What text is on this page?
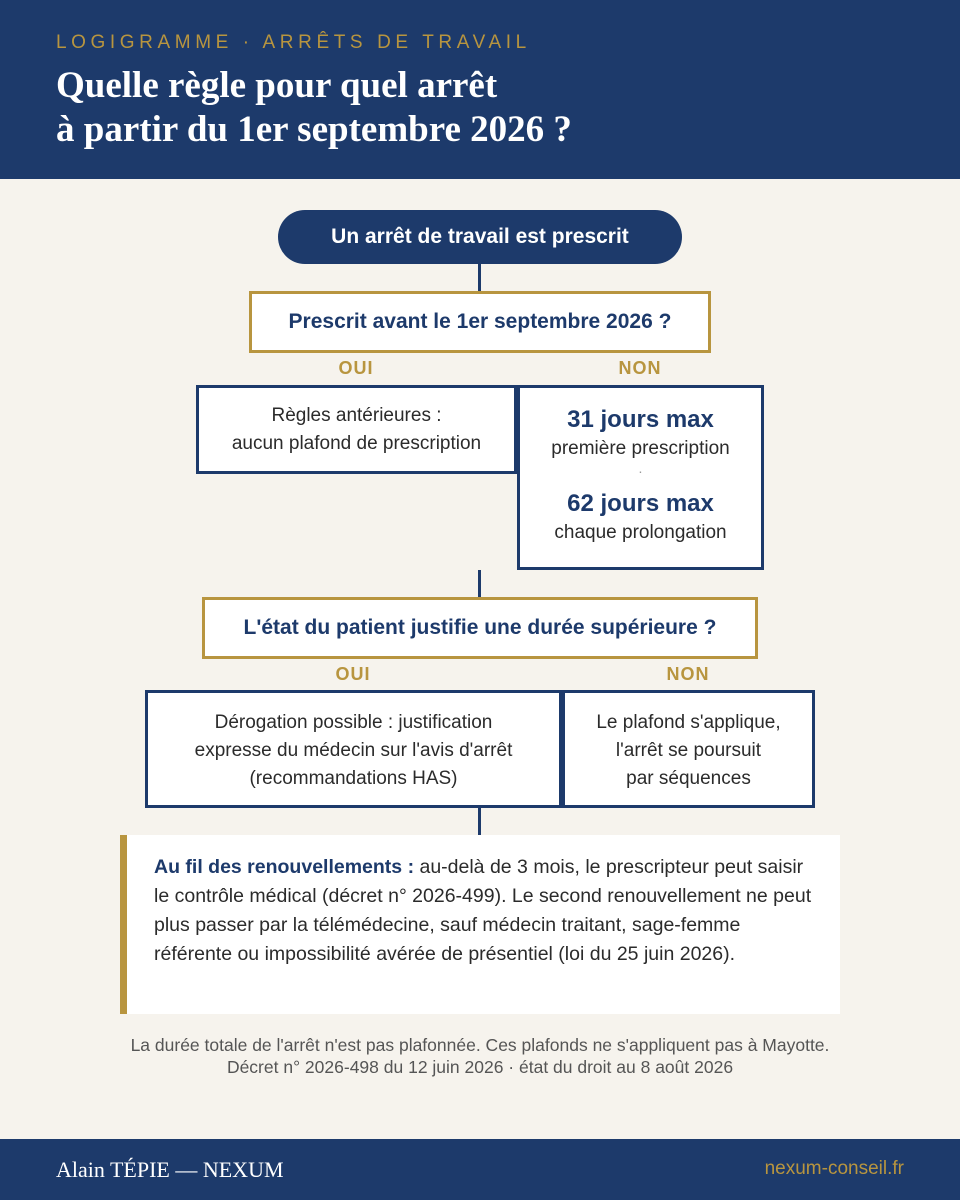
LOGIGRAMME · ARRÊTS DE TRAVAIL
Quelle règle pour quel arrêt
à partir du 1er septembre 2026 ?
Un arrêt de travail est prescrit
Prescrit avant le 1er septembre 2026 ?
OUI	NON
Règles antérieures :
aucun plafond de prescription
31 jours max
première prescription
·
62 jours max
chaque prolongation
L'état du patient justifie une durée supérieure ?
OUI	NON
Dérogation possible : justification
expresse du médecin sur l'avis d'arrêt
(recommandations HAS)
Le plafond s'applique,
l'arrêt se poursuit
par séquences
Au fil des renouvellements : au-delà de 3 mois, le prescripteur peut saisir le contrôle médical (décret n° 2026-499). Le second renouvellement ne peut plus passer par la télémédecine, sauf médecin traitant, sage-femme référente ou impossibilité avérée de présentiel (loi du 25 juin 2026).
La durée totale de l'arrêt n'est pas plafonnée. Ces plafonds ne s'appliquent pas à Mayotte.
Décret n° 2026-498 du 12 juin 2026 · état du droit au 8 août 2026
Alain TÉPIE — NEXUM	nexum-conseil.fr
